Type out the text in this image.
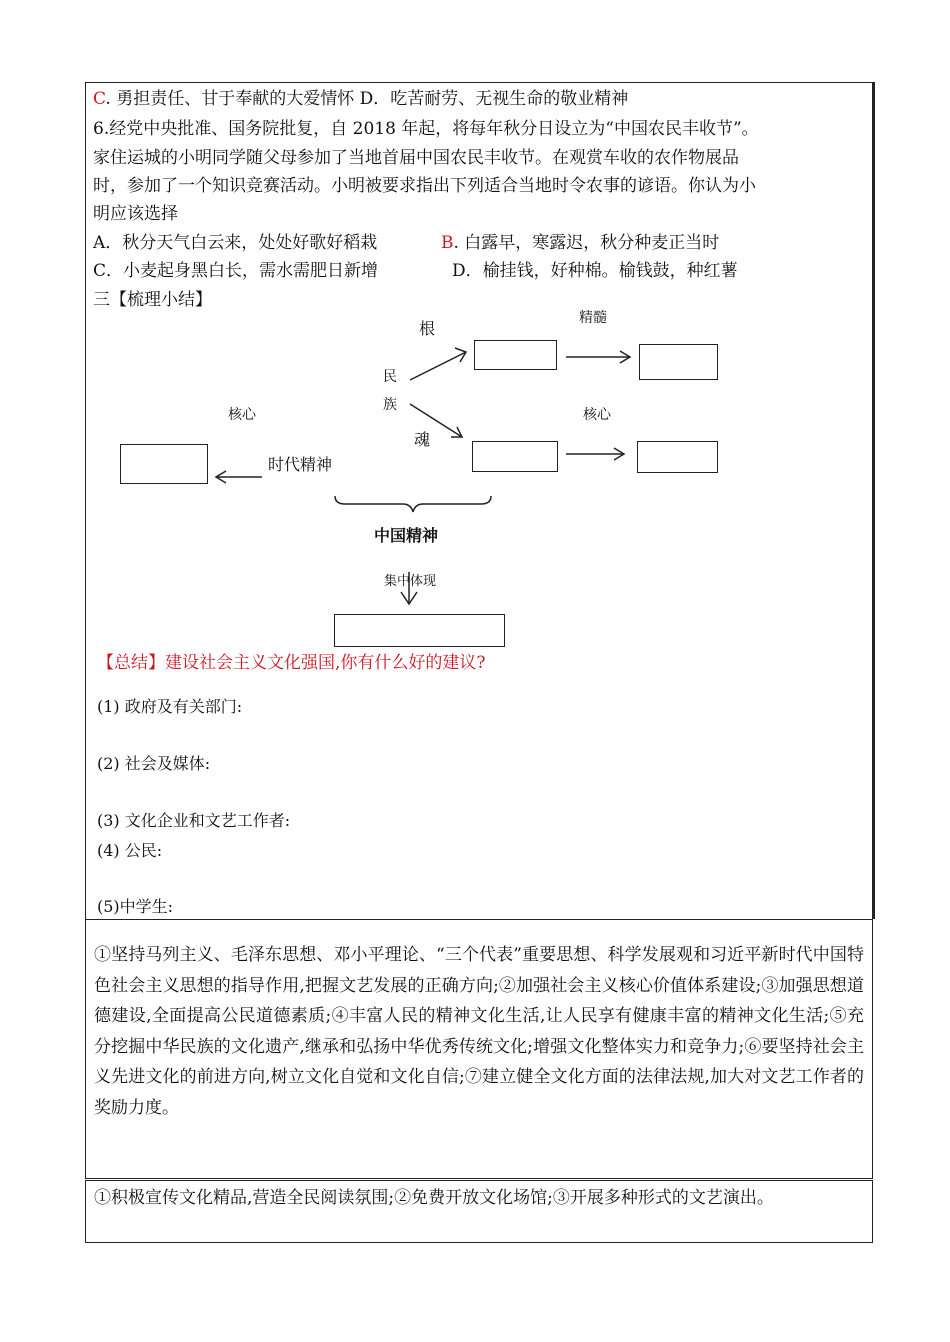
C. 勇担责任、甘于奉献的大爱情怀 D．吃苦耐劳、无视生命的敬业精神
6.经党中央批准、国务院批复，自 2018 年起，将每年秋分日设立为“中国农民丰收节”。
家住运城的小明同学随父母参加了当地首届中国农民丰收节。在观赏车收的农作物展品
时，参加了一个知识竞赛活动。小明被要求指出下列适合当地时令农事的谚语。你认为小
明应该选择
A．秋分天气白云来，处处好歌好稻栽	B. 白露早，寒露迟，秋分种麦正当时
C．小麦起身黑白长，需水需肥日新增	D．榆挂钱，好种棉。榆钱鼓，种红薯
三【梳理小结】
根
精髓
民
族
魂
核心	核心
时代精神
中国精神
集中体现
【总结】建设社会主义文化强国,你有什么好的建议?
(1) 政府及有关部门:
(2) 社会及媒体:
(3) 文化企业和文艺工作者:
(4) 公民:
(5)中学生:
①坚持马列主义、毛泽东思想、邓小平理论、“三个代表”重要思想、科学发展观和习近平新时代中国特色社会主义思想的指导作用,把握文艺发展的正确方向;②加强社会主义核心价值体系建设;③加强思想道德建设,全面提高公民道德素质;④丰富人民的精神文化生活,让人民享有健康丰富的精神文化生活;⑤充分挖掘中华民族的文化遗产,继承和弘扬中华优秀传统文化;增强文化整体实力和竞争力;⑥要坚持社会主义先进文化的前进方向,树立文化自觉和文化自信;⑦建立健全文化方面的法律法规,加大对文艺工作者的奖励力度。
①积极宣传文化精品,营造全民阅读氛围;②免费开放文化场馆;③开展多种形式的文艺演出。
